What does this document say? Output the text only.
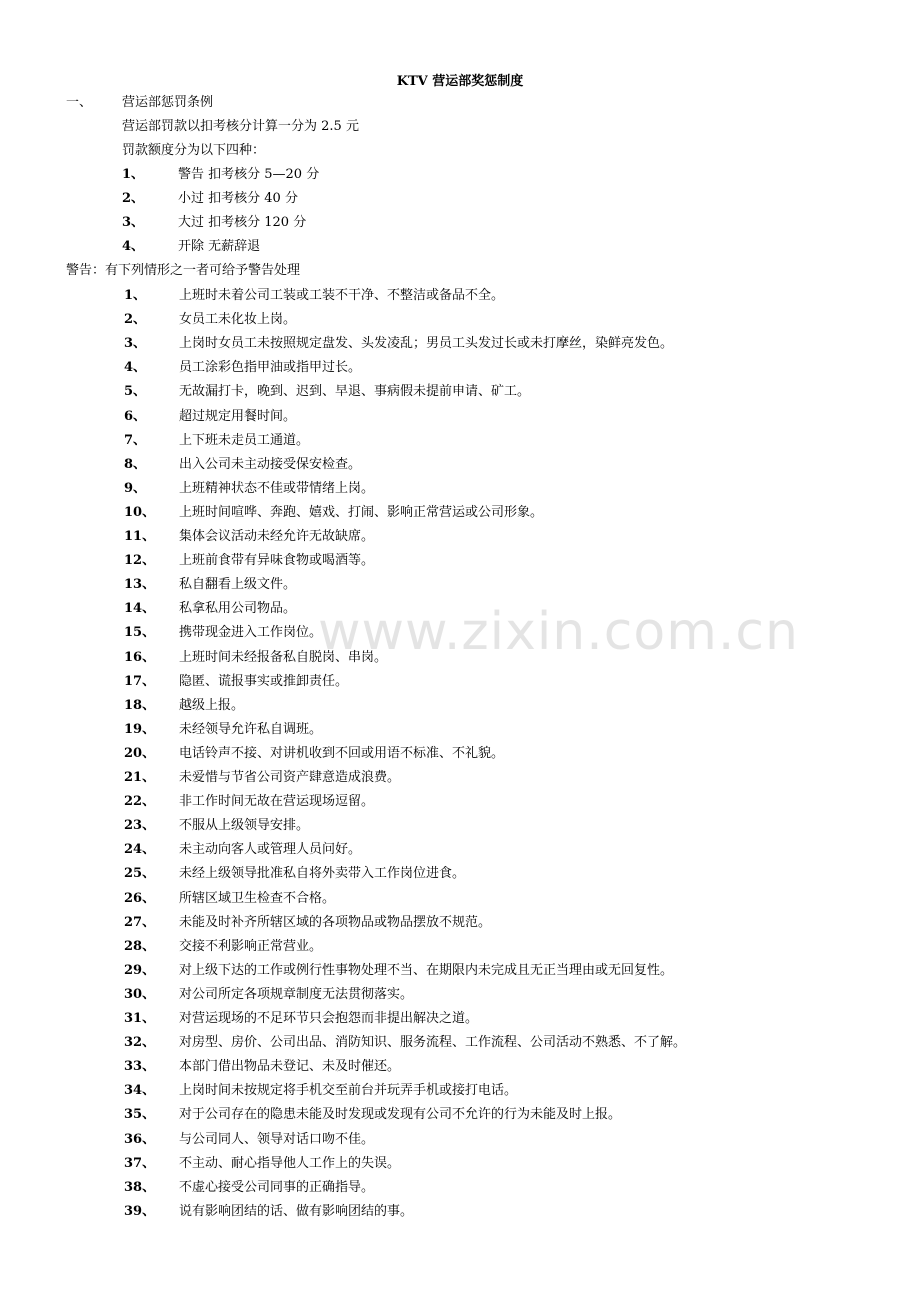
KTV 营运部奖惩制度
一、 营运部惩罚条例
营运部罚款以扣考核分计算一分为 2.5 元
罚款额度分为以下四种：
1、	警告 扣考核分 5—20 分
2、	小过 扣考核分 40 分
3、	大过 扣考核分 120 分
4、	开除 无薪辞退
警告：有下列情形之一者可给予警告处理
1、	上班时未着公司工装或工装不干净、不整洁或备品不全。
2、	女员工未化妆上岗。
3、	上岗时女员工未按照规定盘发、头发凌乱；男员工头发过长或未打摩丝，染鲜亮发色。
4、	员工涂彩色指甲油或指甲过长。
5、	无故漏打卡，晚到、迟到、早退、事病假未提前申请、矿工。
6、	超过规定用餐时间。
7、	上下班未走员工通道。
8、	出入公司未主动接受保安检查。
9、	上班精神状态不佳或带情绪上岗。
10、 上班时间喧哗、奔跑、嬉戏、打闹、影响正常营运或公司形象。
11、 集体会议活动未经允许无故缺席。
12、 上班前食带有异味食物或喝酒等。
13、 私自翻看上级文件。
14、 私拿私用公司物品。
15、 携带现金进入工作岗位。
16、 上班时间未经报备私自脱岗、串岗。
17、 隐匿、谎报事实或推卸责任。
18、 越级上报。
19、 未经领导允许私自调班。
20、 电话铃声不接、对讲机收到不回或用语不标准、不礼貌。
21、 未爱惜与节省公司资产肆意造成浪费。
22、 非工作时间无故在营运现场逗留。
23、 不服从上级领导安排。
24、 未主动向客人或管理人员问好。
25、 未经上级领导批准私自将外卖带入工作岗位进食。
26、 所辖区域卫生检查不合格。
27、 未能及时补齐所辖区域的各项物品或物品摆放不规范。
28、 交接不利影响正常营业。
29、 对上级下达的工作或例行性事物处理不当、在期限内未完成且无正当理由或无回复性。
30、 对公司所定各项规章制度无法贯彻落实。
31、 对营运现场的不足环节只会抱怨而非提出解决之道。
32、 对房型、房价、公司出品、消防知识、服务流程、工作流程、公司活动不熟悉、不了解。
33、 本部门借出物品未登记、未及时催还。
34、 上岗时间未按规定将手机交至前台并玩弄手机或接打电话。
35、 对于公司存在的隐患未能及时发现或发现有公司不允许的行为未能及时上报。
36、 与公司同人、领导对话口吻不佳。
37、 不主动、耐心指导他人工作上的失误。
38、 不虚心接受公司同事的正确指导。
39、 说有影响团结的话、做有影响团结的事。
www.zixin.com.cn
